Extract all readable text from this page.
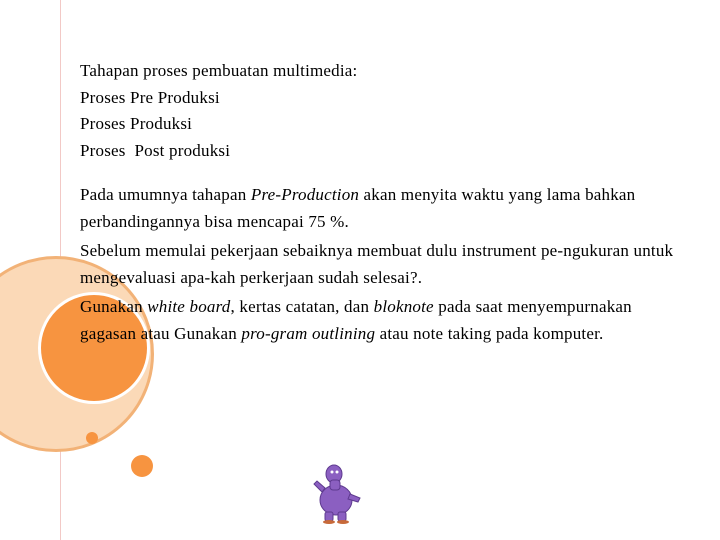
Tahapan proses pembuatan multimedia:

Proses Pre Produksi

Proses Produksi

Proses  Post produksi

Pada umumnya tahapan Pre-Production akan menyita waktu yang lama bahkan perbandingannya bisa mencapai 75 %.

Sebelum memulai pekerjaan sebaiknya membuat dulu instrument pe-ngukuran untuk mengevaluasi apa-kah perkerjaan sudah selesai?.

Gunakan white board, kertas catatan, dan bloknote pada saat menyempurnakan gagasan atau Gunakan pro-gram outlining atau note taking pada komputer.
